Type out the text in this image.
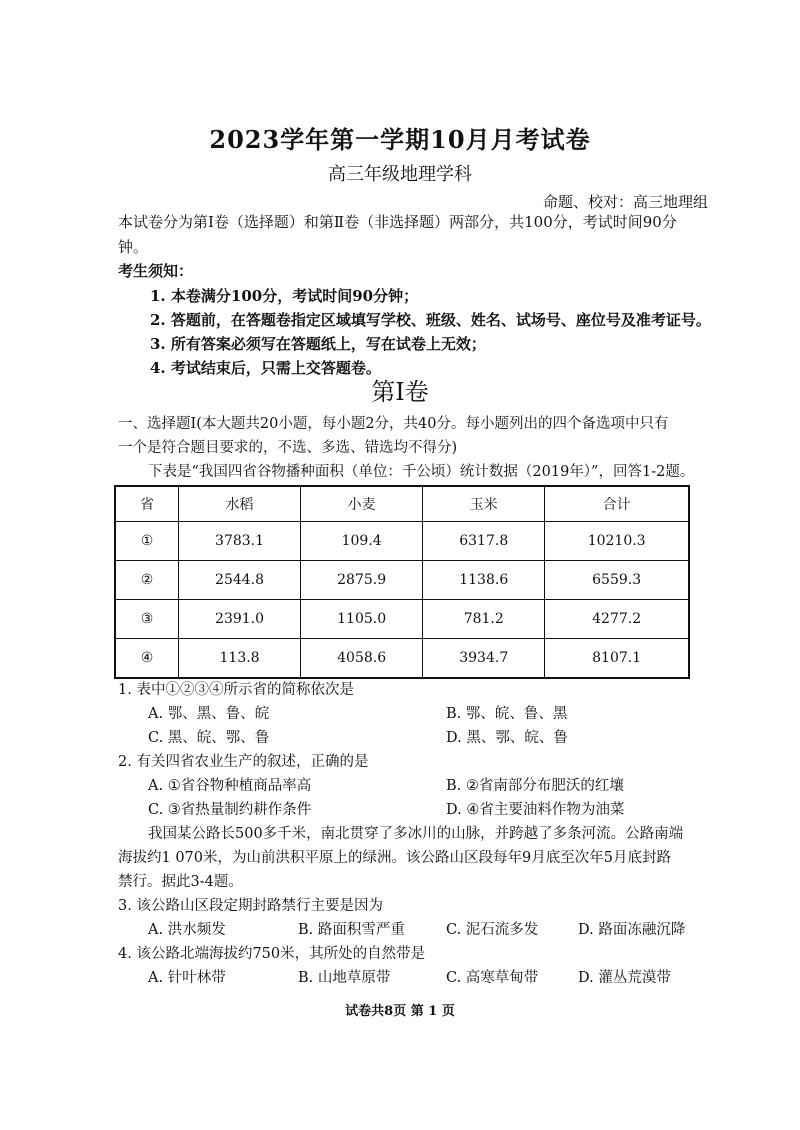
2023学年第一学期10月月考试卷
高三年级地理学科
命题、校对：高三地理组
本试卷分为第Ⅰ卷（选择题）和第Ⅱ卷（非选择题）两部分，共100分，考试时间90分钟。
考生须知：
1. 本卷满分100分，考试时间90分钟；
2. 答题前，在答题卷指定区域填写学校、班级、姓名、试场号、座位号及准考证号。
3. 所有答案必须写在答题纸上，写在试卷上无效；
4. 考试结束后，只需上交答题卷。
第Ⅰ卷
一、选择题Ⅰ(本大题共20小题，每小题2分，共40分。每小题列出的四个备选项中只有
一个是符合题目要求的，不选、多选、错选均不得分)
下表是“我国四省谷物播种面积（单位：千公顷）统计数据（2019年）”，回答1-2题。
省	水稻	小麦	玉米	合计
①	3783.1	109.4	6317.8	10210.3
②	2544.8	2875.9	1138.6	6559.3
③	2391.0	1105.0	781.2	4277.2
④	113.8	4058.6	3934.7	8107.1
1. 表中①②③④所示省的简称依次是
A. 鄂、黑、鲁、皖	B. 鄂、皖、鲁、黑
C. 黑、皖、鄂、鲁	D. 黑、鄂、皖、鲁
2. 有关四省农业生产的叙述，正确的是
A. ①省谷物种植商品率高	B. ②省南部分布肥沃的红壤
C. ③省热量制约耕作条件	D. ④省主要油料作物为油菜
我国某公路长500多千米，南北贯穿了多冰川的山脉，并跨越了多条河流。公路南端
海拔约1 070米，为山前洪积平原上的绿洲。该公路山区段每年9月底至次年5月底封路
禁行。据此3-4题。
3. 该公路山区段定期封路禁行主要是因为
A. 洪水频发	B. 路面积雪严重	C. 泥石流多发	D. 路面冻融沉降
4. 该公路北端海拔约750米，其所处的自然带是
A. 针叶林带	B. 山地草原带	C. 高寒草甸带	D. 灌丛荒漠带
试卷共8页 第 1 页
